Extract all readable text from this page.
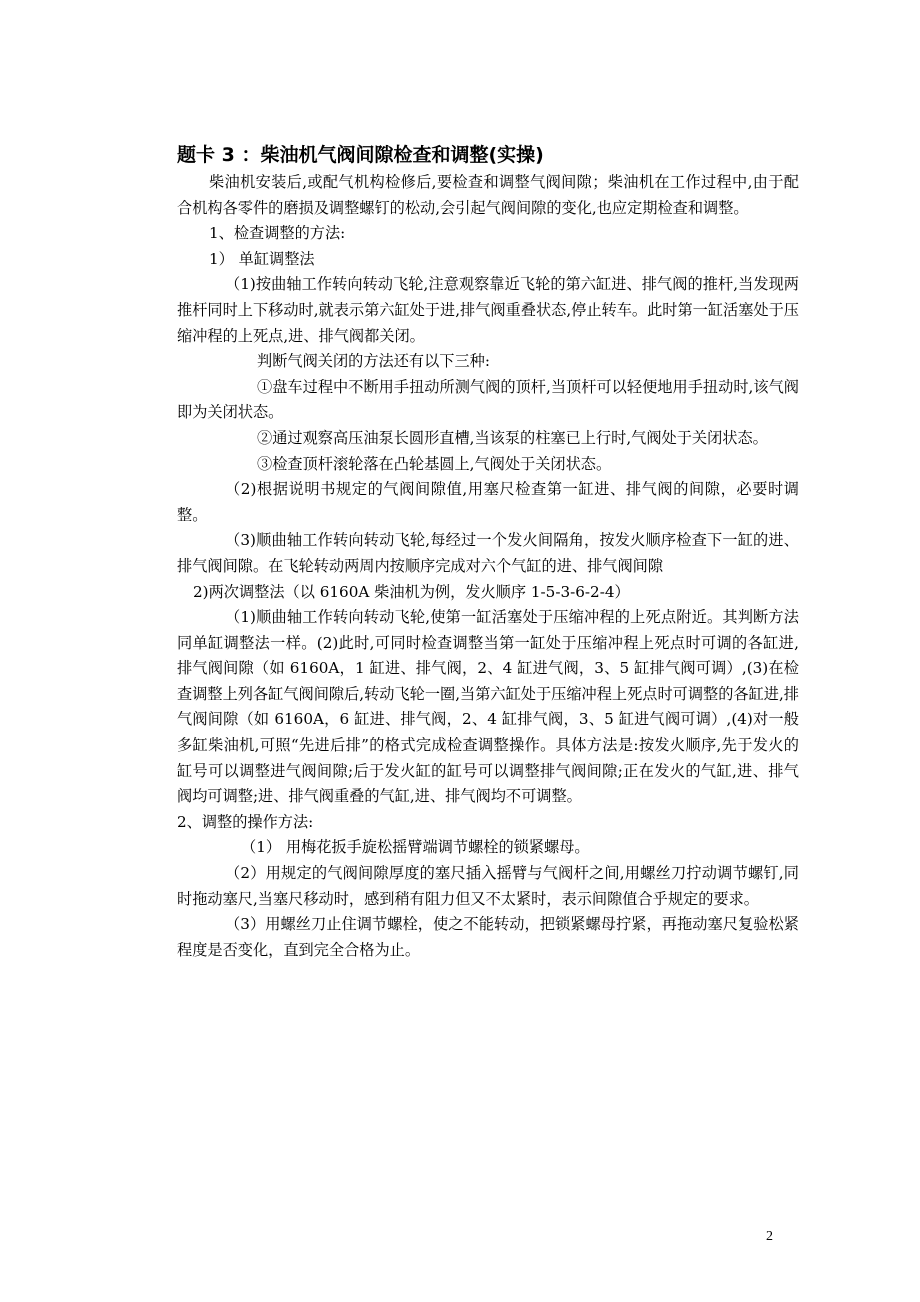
题卡 3 ：柴油机气阀间隙检查和调整(实操)

柴油机安装后,或配气机构检修后,要检查和调整气阀间隙；柴油机在工作过程中,由于配合机构各零件的磨损及调整螺钉的松动,会引起气阀间隙的变化,也应定期检查和调整。

1、检查调整的方法:

1） 单缸调整法

（1)按曲轴工作转向转动飞轮,注意观察靠近飞轮的第六缸进、排气阀的推杆,当发现两推杆同时上下移动时,就表示第六缸处于进,排气阀重叠状态,停止转车。此时第一缸活塞处于压缩冲程的上死点,进、排气阀都关闭。

判断气阀关闭的方法还有以下三种:

①盘车过程中不断用手扭动所测气阀的顶杆,当顶杆可以轻便地用手扭动时,该气阀即为关闭状态。

②通过观察高压油泵长圆形直槽,当该泵的柱塞已上行时,气阀处于关闭状态。

③检查顶杆滚轮落在凸轮基圆上,气阀处于关闭状态。

（2)根据说明书规定的气阀间隙值,用塞尺检查第一缸进、排气阀的间隙，必要时调整。

（3)顺曲轴工作转向转动飞轮,每经过一个发火间隔角，按发火顺序检查下一缸的进、排气阀间隙。在飞轮转动两周内按顺序完成对六个气缸的进、排气阀间隙

2)两次调整法（以 6160A 柴油机为例，发火顺序 1-5-3-6-2-4）

（1)顺曲轴工作转向转动飞轮,使第一缸活塞处于压缩冲程的上死点附近。其判断方法同单缸调整法一样。(2)此时,可同时检查调整当第一缸处于压缩冲程上死点时可调的各缸进,排气阀间隙（如 6160A，1 缸进、排气阀，2、4 缸进气阀，3、5 缸排气阀可调）,(3)在检查调整上列各缸气阀间隙后,转动飞轮一圈,当第六缸处于压缩冲程上死点时可调整的各缸进,排气阀间隙（如 6160A，6 缸进、排气阀，2、4 缸排气阀，3、5 缸进气阀可调）,(4)对一般多缸柴油机,可照“先进后排”的格式完成检查调整操作。具体方法是:按发火顺序,先于发火的缸号可以调整进气阀间隙;后于发火缸的缸号可以调整排气阀间隙;正在发火的气缸,进、排气阀均可调整;进、排气阀重叠的气缸,进、排气阀均不可调整。

2、调整的操作方法:

（1） 用梅花扳手旋松摇臂端调节螺栓的锁紧螺母。

（2）用规定的气阀间隙厚度的塞尺插入摇臂与气阀杆之间,用螺丝刀拧动调节螺钉,同时拖动塞尺,当塞尺移动时，感到稍有阻力但又不太紧时，表示间隙值合乎规定的要求。

（3）用螺丝刀止住调节螺栓，使之不能转动，把锁紧螺母拧紧，再拖动塞尺复验松紧程度是否变化，直到完全合格为止。

2
